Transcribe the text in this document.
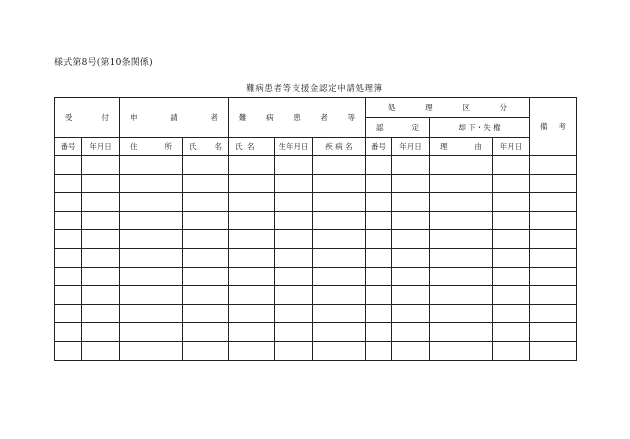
様式第8号(第10条関係)
難病患者等支援金認定申請処理簿
受 付		申 請 者		難 病 患 者 等			処 理 区 分				備 考

							認 定		却 下・失 権		
番号	年月日	住 所	氏 名	氏 名	生年月日	疾 病 名	番号	年月日	理 由	年月日	
